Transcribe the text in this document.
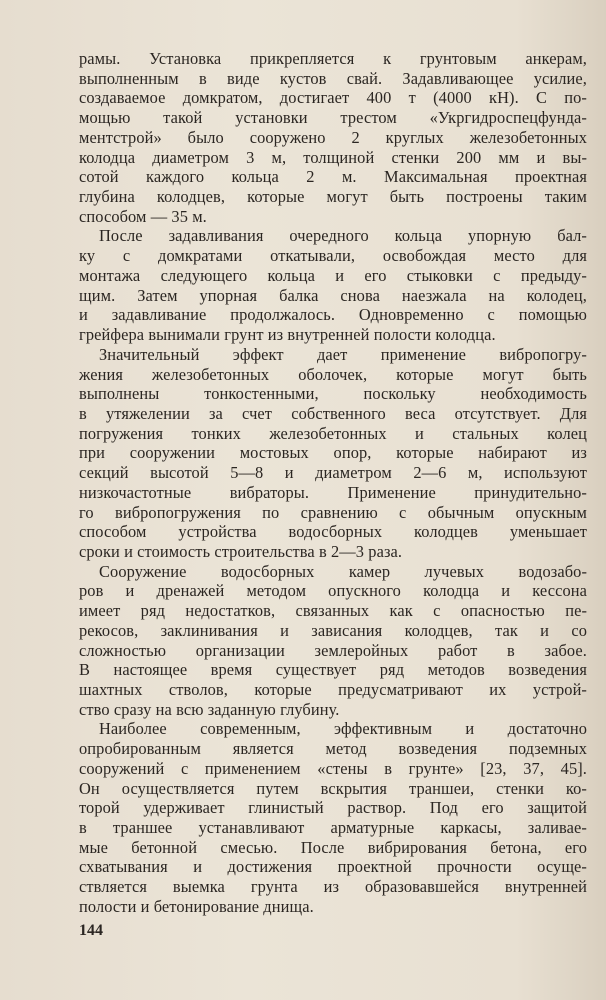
рамы. Установка прикрепляется к грунтовым анкерам,
выполненным в виде кустов свай. Задавливающее усилие,
создаваемое домкратом, достигает 400 т (4000 кН). С по-
мощью такой установки трестом «Укргидроспецфунда-
ментстрой» было сооружено 2 круглых железобетонных
колодца диаметром 3 м, толщиной стенки 200 мм и вы-
сотой каждого кольца 2 м. Максимальная проектная
глубина колодцев, которые могут быть построены таким
способом — 35 м.
После задавливания очередного кольца упорную бал-
ку с домкратами откатывали, освобождая место для
монтажа следующего кольца и его стыковки с предыду-
щим. Затем упорная балка снова наезжала на колодец,
и задавливание продолжалось. Одновременно с помощью
грейфера вынимали грунт из внутренней полости колодца.
Значительный эффект дает применение вибропогру-
жения железобетонных оболочек, которые могут быть
выполнены тонкостенными, поскольку необходимость
в утяжелении за счет собственного веса отсутствует. Для
погружения тонких железобетонных и стальных колец
при сооружении мостовых опор, которые набирают из
секций высотой 5—8 и диаметром 2—6 м, используют
низкочастотные вибраторы. Применение принудительно-
го вибропогружения по сравнению с обычным опускным
способом устройства водосборных колодцев уменьшает
сроки и стоимость строительства в 2—3 раза.
Сооружение водосборных камер лучевых водозабо-
ров и дренажей методом опускного колодца и кессона
имеет ряд недостатков, связанных как с опасностью пе-
рекосов, заклинивания и зависания колодцев, так и со
сложностью организации землеройных работ в забое.
В настоящее время существует ряд методов возведения
шахтных стволов, которые предусматривают их устрой-
ство сразу на всю заданную глубину.
Наиболее современным, эффективным и достаточно
опробированным является метод возведения подземных
сооружений с применением «стены в грунте» [23, 37, 45].
Он осуществляется путем вскрытия траншеи, стенки ко-
торой удерживает глинистый раствор. Под его защитой
в траншее устанавливают арматурные каркасы, заливае-
мые бетонной смесью. После вибрирования бетона, его
схватывания и достижения проектной прочности осуще-
ствляется выемка грунта из образовавшейся внутренней
полости и бетонирование днища.
144
